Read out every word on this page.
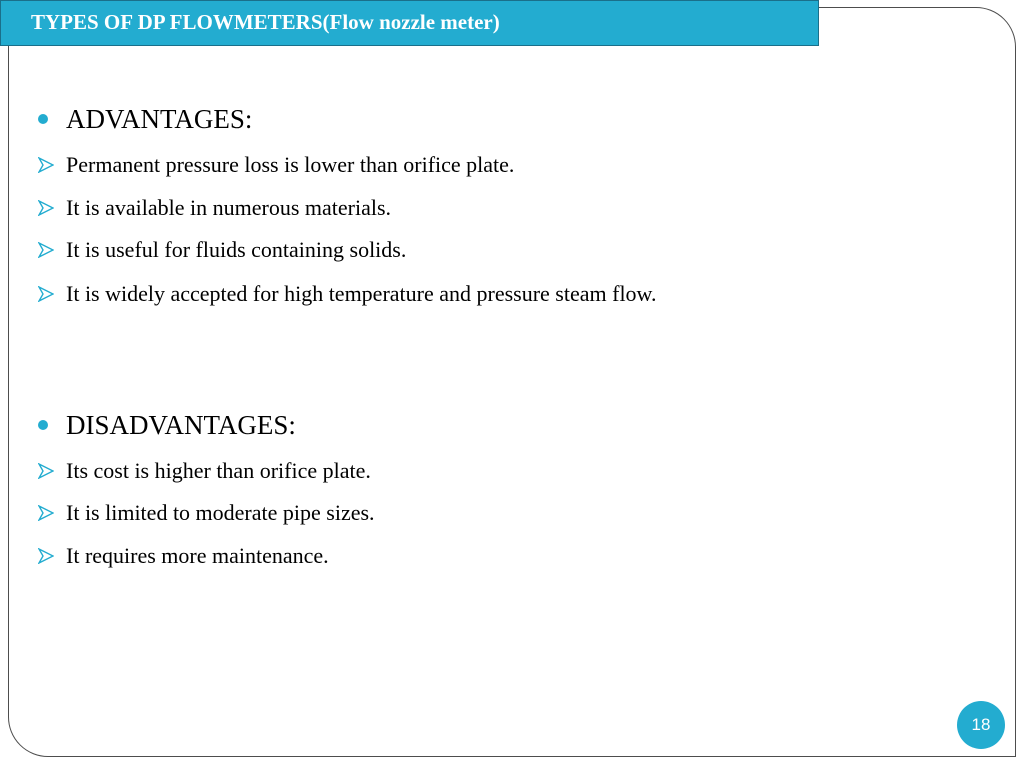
TYPES OF DP FLOWMETERS(Flow nozzle meter)
ADVANTAGES:
Permanent pressure loss is lower than orifice plate.
It is available in numerous materials.
It is useful for fluids containing solids.
It is widely accepted for high temperature and pressure steam flow.
DISADVANTAGES:
Its cost is higher than orifice plate.
It is limited to moderate pipe sizes.
It requires more maintenance.
18
